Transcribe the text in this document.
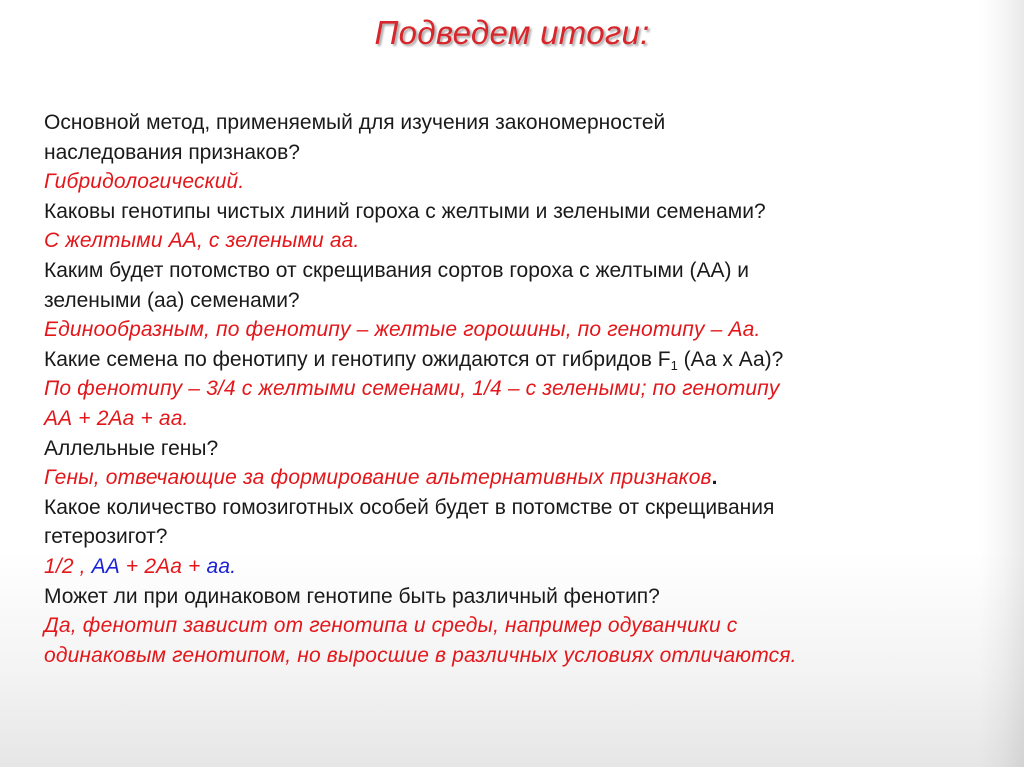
Подведем итоги:
Основной метод, применяемый для изучения закономерностей
наследования признаков?
Гибридологический.
Каковы генотипы чистых линий гороха с желтыми и зелеными семенами?
С желтыми АА, с зелеными аа.
Каким будет потомство от скрещивания сортов гороха с желтыми (АА) и
зелеными (аа) семенами?
Единообразным, по фенотипу – желтые горошины, по генотипу – Аа.
Какие семена по фенотипу и генотипу ожидаются от гибридов $F_1$ (Аа х Аа)?
По фенотипу – 3/4 с желтыми семенами, 1/4 – с зелеными; по генотипу
АА + 2Аа + аа.
Аллельные гены?
Гены, отвечающие за формирование альтернативных признаков.
Какое количество гомозиготных особей будет в потомстве от скрещивания
гетерозигот?
1/2 , АА + 2Аа + аа.
Может ли при одинаковом генотипе быть различный фенотип?
Да, фенотип зависит от генотипа и среды, например одуванчики с
одинаковым генотипом, но выросшие в различных условиях отличаются.
